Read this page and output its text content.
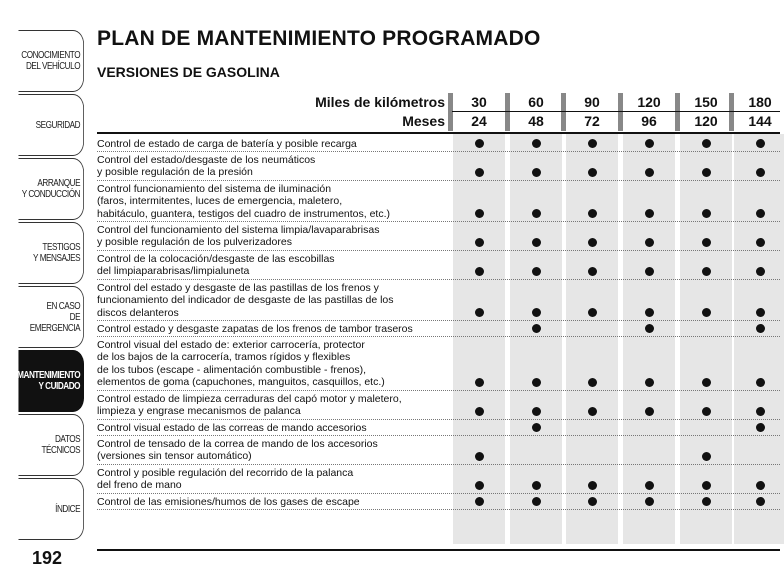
CONOCIMIENTO
DEL VEHÍCULO
SEGURIDAD
ARRANQUE
Y CONDUCCIÓN
TESTIGOS
Y MENSAJES
EN CASO
DE EMERGENCIA
MANTENIMIENTO
Y CUIDADO
DATOS TÉCNICOS
ÍNDICE
PLAN DE MANTENIMIENTO PROGRAMADO
VERSIONES DE GASOLINA
30
24
60
48
90
72
120
96
150
120
180
144
Control de estado de carga de batería y posible recarga
Control del estado/desgaste de los neumáticos
y posible regulación de la presión
Control funcionamiento del sistema de iluminación
(faros, intermitentes, luces de emergencia, maletero,
habitáculo, guantera, testigos del cuadro de instrumentos, etc.)
Control del funcionamiento del sistema limpia/lavaparabrisas
y posible regulación de los pulverizadores
Control de la colocación/desgaste de las escobillas
del limpiaparabrisas/limpialuneta
Control del estado y desgaste de las pastillas de los frenos y
funcionamiento del indicador de desgaste de las pastillas de los
discos delanteros
Control estado y desgaste zapatas de los frenos de tambor traseros
Control visual del estado de: exterior carrocería, protector
de los bajos de la carrocería, tramos rígidos y flexibles
de los tubos (escape - alimentación combustible - frenos),
elementos de goma (capuchones, manguitos, casquillos, etc.)
Control estado de limpieza cerraduras del capó motor y maletero,
limpieza y engrase mecanismos de palanca
Control visual estado de las correas de mando accesorios
Control de tensado de la correa de mando de los accesorios
(versiones sin tensor automático)
Control y posible regulación del recorrido de la palanca
del freno de mano
Control de las emisiones/humos de los gases de escape
Miles de kilómetros
Meses
192
